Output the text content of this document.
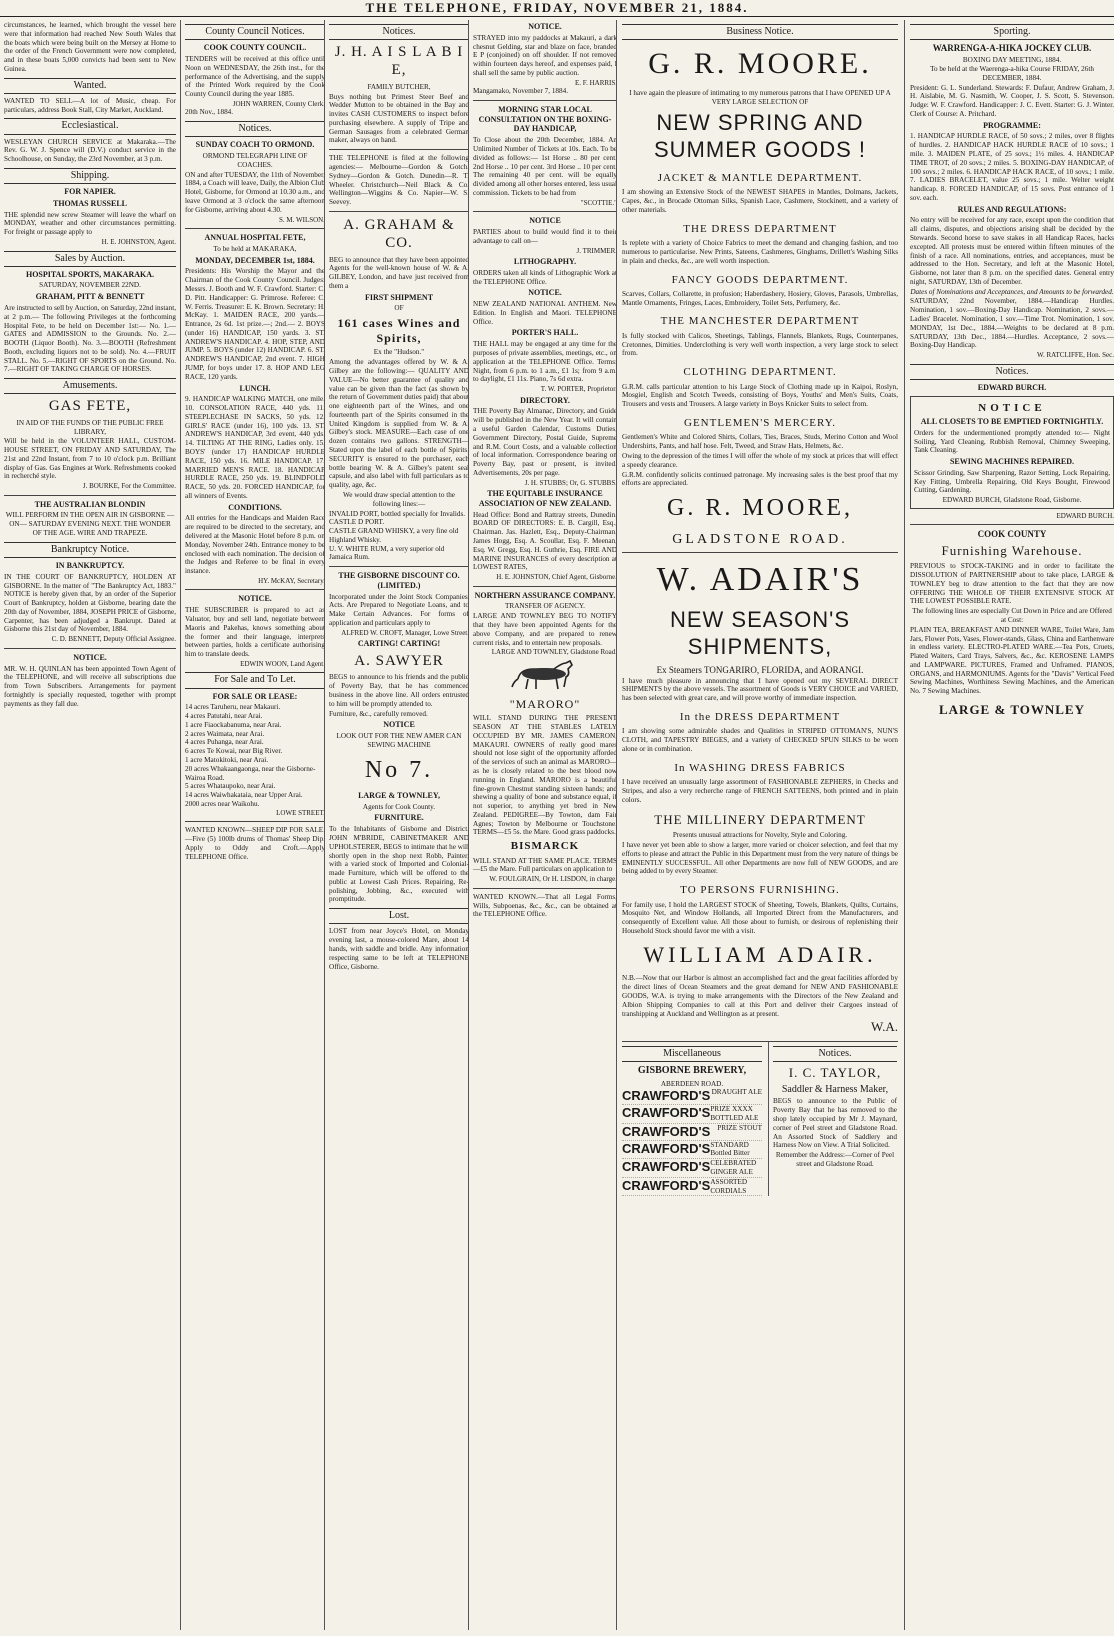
THE TELEPHONE, FRIDAY, NOVEMBER 21, 1884.

circumstances, he learned, which brought the vessel here were that information had reached New South Wales that the boats which were being built on the Mersey at Home to the order of the French Government were now completed, and in these boats 5,000 convicts had been sent to New Guinea.

Wanted.

WANTED TO SELL—A lot of Music, cheap. For particulars, address Book Stall, City Market, Auckland.

Ecclesiastical.

WESLEYAN CHURCH SERVICE at Makaraka.—The Rev. G. W. J. Spence will (D.V.) conduct service in the Schoolhouse, on Sunday, the 23rd November, at 3 p.m.

Shipping.
FOR NAPIER.
THOMAS RUSSELL

THE splendid new screw Steamer will leave the wharf on MONDAY, weather and other circumstances permitting. For freight or passage apply to

H. E. JOHNSTON, Agent.
Sales by Auction.
HOSPITAL SPORTS, MAKARAKA.
SATURDAY, NOVEMBER 22ND.
GRAHAM, PITT & BENNETT

Are instructed to sell by Auction, on Saturday, 22nd instant, at 2 p.m.— The following Privileges at the forthcoming Hospital Fete, to be held on December 1st:— No. 1.—GATES and ADMISSION to the Grounds. No. 2.—BOOTH (Liquor Booth). No. 3.—BOOTH (Refreshment Booth, excluding liquors not to be sold). No. 4.—FRUIT STALL. No. 5.—RIGHT OF SPORTS on the Ground. No. 7.—RIGHT OF TAKING CHARGE OF HORSES.

Amusements.
GAS FETE,
IN AID OF THE FUNDS OF THE PUBLIC FREE LIBRARY,

Will be held in the VOLUNTEER HALL, CUSTOM-HOUSE STREET, ON FRIDAY AND SATURDAY, The 21st and 22nd Instant, from 7 to 10 o'clock p.m. Brilliant display of Gas. Gas Engines at Work. Refreshments cooked in recherché style.

J. BOURKE, For the Committee.
THE AUSTRALIAN BLONDIN

WILL PERFORM IN THE OPEN AIR IN GISBORNE —ON— SATURDAY EVENING NEXT. THE WONDER OF THE AGE. WIRE AND TRAPEZE.

Bankruptcy Notice.
IN BANKRUPTCY.

IN THE COURT OF BANKRUPTCY, HOLDEN AT GISBORNE. In the matter of "The Bankruptcy Act, 1883." NOTICE is hereby given that, by an order of the Superior Court of Bankruptcy, holden at Gisborne, bearing date the 20th day of November, 1884, JOSEPH PRICE of Gisborne, Carpenter, has been adjudged a Bankrupt. Dated at Gisborne this 21st day of November, 1884.

C. D. BENNETT, Deputy Official Assignee.
NOTICE.

MR. W. H. QUINLAN has been appointed Town Agent of the TELEPHONE, and will receive all subscriptions due from Town Subscribers. Arrangements for payment fortnightly is specially requested, together with prompt payments as they fall due.

County Council Notices.
COOK COUNTY COUNCIL.

TENDERS will be received at this office until Noon on WEDNESDAY, the 26th inst., for the performance of the Advertising, and the supply of the Printed Work required by the Cook County Council during the year 1885.

JOHN WARREN, County Clerk.
20th Nov., 1884.
Notices.
SUNDAY COACH TO ORMOND.
ORMOND TELEGRAPH LINE OF COACHES.

ON and after TUESDAY, the 11th of November, 1884, a Coach will leave, Daily, the Albion Club Hotel, Gisborne, for Ormond at 10.30 a.m., and leave Ormond at 3 o'clock the same afternoon for Gisborne, arriving about 4.30.

S. M. WILSON.
ANNUAL HOSPITAL FETE,
To be held at MAKARAKA,
MONDAY, DECEMBER 1st, 1884.

Presidents: His Worship the Mayor and the Chairman of the Cook County Council. Judges: Messrs. J. Booth and W. F. Crawford. Starter: C. D. Pitt. Handicapper: G. Primrose. Referee: C. W. Ferris. Treasurer: E. K. Brown. Secretary: H. McKay. 1. MAIDEN RACE, 200 yards.—Entrance, 2s 6d. 1st prize.—; 2nd.— 2. BOYS (under 16) HANDICAP, 150 yards. 3. ST. ANDREW'S HANDICAP. 4. HOP, STEP, AND JUMP. 5. BOYS (under 12) HANDICAP. 6. ST. ANDREW'S HANDICAP, 2nd event. 7. HIGH JUMP, for boys under 17. 8. HOP AND LEG RACE, 120 yards.

LUNCH.

9. HANDICAP WALKING MATCH, one mile. 10. CONSOLATION RACE, 440 yds. 11. STEEPLECHASE IN SACKS, 50 yds. 12. GIRLS' RACE (under 16), 100 yds. 13. ST. ANDREW'S HANDICAP, 3rd event, 440 yds. 14. TILTING AT THE RING, Ladies only. 15. BOYS' (under 17) HANDICAP HURDLE RACE, 150 yds. 16. MILE HANDICAP. 17. MARRIED MEN'S RACE. 18. HANDICAP HURDLE RACE, 250 yds. 19. BLINDFOLD RACE, 50 yds. 20. FORCED HANDICAP, for all winners of Events.

CONDITIONS.

All entries for the Handicaps and Maiden Race are required to be directed to the secretary, and delivered at the Masonic Hotel before 8 p.m. on Monday, November 24th. Entrance money to be enclosed with each nomination. The decision of the Judges and Referee to be final in every instance.

HY. McKAY, Secretary.
NOTICE.

THE SUBSCRIBER is prepared to act as Valuator, buy and sell land, negotiate between Maoris and Pakehas, knows something about the former and their language, interprets between parties, holds a certificate authorising him to translate deeds.

EDWIN WOON, Land Agent.
For Sale and To Let.
FOR SALE OR LEASE:
14 acres Taruheru, near Makauri.
4 acres Patutahi, near Arai.
1 acre Fiaockabanuma, near Arai.
2 acres Waimata, near Arai.
4 acres Puhanga, near Arai.
6 acres Te Kowai, near Big River.
1 acre Matokitoki, near Arai.
20 acres Whakaangaonga, near the Gisborne-Wairoa Road.
5 acres Whataupoko, near Arai.
14 acres Waiwhakataia, near Upper Arai.
2000 acres near Waikohu.
LOWE STREET.

WANTED KNOWN—SHEEP DIP FOR SALE.—Five (5) 100lb drums of Thomas' Sheep Dip. Apply to Oddy and Croft.—Apply TELEPHONE Office.

Notices.
J. H. A I S L A B I E,
FAMILY BUTCHER,

Buys nothing but Primest Steer Beef and Wedder Mutton to be obtained in the Bay and invites CASH CUSTOMERS to inspect before purchasing elsewhere. A supply of Tripe and German Sausages from a celebrated German maker, always on hand.

THE TELEPHONE is filed at the following agencies:— Melbourne—Gordon & Gotch. Sydney—Gordon & Gotch. Dunedin—R. T. Wheeler. Christchurch—Neil Black & Co. Wellington—Wiggins & Co. Napier—W. S. Seevey.

A. GRAHAM & CO.

BEG to announce that they have been appointed Agents for the well-known house of W. & A. GILBEY, London, and have just received from them a

FIRST SHIPMENT
OF
161 cases Wines and Spirits,
Ex the "Hudson."

Among the advantages offered by W. & A. Gilbey are the following:— QUALITY AND VALUE—No better guarantee of quality and value can be given than the fact (as shown by the return of Government duties paid) that about one eighteenth part of the Wines, and one fourteenth part of the Spirits consumed in the United Kingdom is supplied from W. & A. Gilbey's stock. MEASURE—Each case of one dozen contains two gallons. STRENGTH—Stated upon the label of each bottle of Spirits. SECURITY is ensured to the purchaser, each bottle bearing W. & A. Gilbey's patent seal capsule, and also label with full particulars as to quality, age, &c.

We would draw special attention to the following lines:—

INVALID PORT, bottled specially for Invalids.
CASTLE D PORT.
CASTLE GRAND WHISKY, a very fine old Highland Whisky.
U. V. WHITE RUM, a very superior old Jamaica Rum.
THE GISBORNE DISCOUNT CO. (LIMITED.)

Incorporated under the Joint Stock Companies' Acts. Are Prepared to Negotiate Loans, and to Make Certain Advances. For forms of application and particulars apply to

ALFRED W. CROFT, Manager, Lowe Street.
CARTING! CARTING!
A. SAWYER

BEGS to announce to his friends and the public of Poverty Bay, that he has commenced business in the above line. All orders entrusted to him will be promptly attended to.

Furniture, &c., carefully removed.

NOTICE

LOOK OUT FOR THE NEW AMER CAN SEWING MACHINE

No 7.
LARGE & TOWNLEY,
Agents for Cook County.
FURNITURE.

To the Inhabitants of Gisborne and District. JOHN M'BRIDE, CABINETMAKER AND UPHOLSTERER, BEGS to intimate that he will shortly open in the shop next Robb, Painter, with a varied stock of Imported and Colonial-made Furniture, which will be offered to the public at Lowest Cash Prices. Repairing, Re-polishing, Jobbing, &c., executed with promptitude.

Lost.

LOST from near Joyce's Hotel, on Monday evening last, a mouse-colored Mare, about 14 hands, with saddle and bridle. Any information respecting same to be left at TELEPHONE Office, Gisborne.

NOTICE.

STRAYED into my paddocks at Makauri, a dark chesnut Gelding, star and blaze on face, branded E P (conjoined) on off shoulder. If not removed within fourteen days hereof, and expenses paid, I shall sell the same by public auction.

E. F. HARRIS.
Mangamako, November 7, 1884.
MORNING STAR LOCAL CONSULTATION ON THE BOXING-DAY HANDICAP,

To Close about the 20th December, 1884. An Unlimited Number of Tickets at 10s. Each. To be divided as follows:— 1st Horse .. 80 per cent. 2nd Horse .. 10 per cent. 3rd Horse .. 10 per cent. The remaining 40 per cent. will be equally divided among all other horses entered, less usual commission. Tickets to be had from

"SCOTTIE."
NOTICE

PARTIES about to build would find it to their advantage to call on—

J. TRIMMER.
LITHOGRAPHY.

ORDERS taken all kinds of Lithographic Work at the TELEPHONE Office.

NOTICE.

NEW ZEALAND NATIONAL ANTHEM. New Edition. In English and Maori. TELEPHONE Office.

PORTER'S HALL.

THE HALL may be engaged at any time for the purposes of private assemblies, meetings, etc., on application at the TELEPHONE Office. Terms: Night, from 6 p.m. to 1 a.m., £1 1s; from 9 a.m. to daylight, £1 11s. Piano, 7s 6d extra.

T. W. PORTER, Proprietor.
DIRECTORY.

THE Poverty Bay Almanac, Directory, and Guide will be published in the New Year. It will contain a useful Garden Calendar, Customs Duties, Government Directory, Postal Guide, Supreme and R.M. Court Costs, and a valuable collection of local information. Correspondence bearing on Poverty Bay, past or present, is invited. Advertisements, 20s per page.

J. H. STUBBS; Or, G. STUBBS.
THE EQUITABLE INSURANCE ASSOCIATION OF NEW ZEALAND.

Head Office: Bond and Rattray streets, Dunedin. BOARD OF DIRECTORS: E. B. Cargill, Esq., Chairman. Jas. Hazlett, Esq., Deputy-Chairman. James Hogg, Esq. A. Scoullar, Esq. F. Meenan, Esq. W. Gregg, Esq. H. Guthrie, Esq. FIRE AND MARINE INSURANCES of every description at LOWEST RATES,

H. E. JOHNSTON, Chief Agent, Gisborne.
NORTHERN ASSURANCE COMPANY.
TRANSFER OF AGENCY.

LARGE AND TOWNLEY BEG TO NOTIFY that they have been appointed Agents for the above Company, and are prepared to renew current risks, and to entertain new proposals.

LARGE AND TOWNLEY, Gladstone Road.
"MARORO"

WILL STAND DURING THE PRESENT SEASON AT THE STABLES LATELY OCCUPIED BY MR. JAMES CAMERON, MAKAURI. OWNERS of really good mares should not lose sight of the opportunity afforded of the services of such an animal as MARORO—as he is closely related to the best blood now running in England. MARORO is a beautiful fine-grown Chestnut standing sixteen hands; and shewing a quality of bone and substance equal, if not superior, to anything yet bred in New Zealand. PEDIGREE—By Towton, dam Fair Agnes; Towton by Melbourne or Touchstone. TERMS—£5 5s. the Mare. Good grass paddocks.

BISMARCK

WILL STAND AT THE SAME PLACE. TERMS—£5 the Mare. Full particulars on application to

W. FOULGRAIN, Or H. LISDON, in charge.

WANTED KNOWN.—That all Legal Forms, Wills, Subpoenas, &c., &c., can be obtained at the TELEPHONE Office.

Business Notice.
G. R. MOORE.

I have again the pleasure of intimating to my numerous patrons that I have OPENED UP A VERY LARGE SELECTION OF

NEW SPRING AND SUMMER GOODS !
JACKET & MANTLE DEPARTMENT.

I am showing an Extensive Stock of the NEWEST SHAPES in Mantles, Dolmans, Jackets, Capes, &c., in Brocade Ottoman Silks, Spanish Lace, Cashmere, Stockinett, and a variety of other materials.

THE DRESS DEPARTMENT

Is replete with a variety of Choice Fabrics to meet the demand and changing fashion, and too numerous to particularise. New Prints, Sateens, Cashmeres, Ginghams, Drillett's Washing Silks in plain and checks, &c., are well worth inspection.

FANCY GOODS DEPARTMENT.

Scarves, Collars, Collarette, in profusion; Haberdashery, Hosiery, Gloves, Parasols, Umbrellas, Mantle Ornaments, Fringes, Laces, Embroidery, Toilet Sets, Perfumery, &c.

THE MANCHESTER DEPARTMENT

Is fully stocked with Calicos, Sheetings, Tablings, Flannels, Blankets, Rugs, Counterpanes, Cretonnes, Dimities. Underclothing is very well worth inspection, a very large stock to select from.

CLOTHING DEPARTMENT.

G.R.M. calls particular attention to his Large Stock of Clothing made up in Kaipoi, Roslyn, Mosgiel, English and Scotch Tweeds, consisting of Boys, Youths' and Men's Suits, Coats, Trousers and vests and Trousers. A large variety in Boys Knicker Suits to select from.

GENTLEMEN'S MERCERY.

Gentlemen's White and Colored Shirts, Collars, Ties, Braces, Studs, Merino Cotton and Wool Undershirts, Pants, and half hose. Felt, Tweed, and Straw Hats, Helmets, &c.

Owing to the depression of the times I will offer the whole of my stock at prices that will effect a speedy clearance.

G.R.M. confidently solicits continued patronage. My increasing sales is the best proof that my efforts are appreciated.

G. R. MOORE,
GLADSTONE ROAD.
W. ADAIR'S
NEW SEASON'S SHIPMENTS,
Ex Steamers TONGARIRO, FLORIDA, and AORANGI.

I have much pleasure in announcing that I have opened out my SEVERAL DIRECT SHIPMENTS by the above vessels. The assortment of Goods is VERY CHOICE and VARIED, has been selected with great care, and will prove worthy of immediate inspection.

In the DRESS DEPARTMENT

I am showing some admirable shades and Qualities in STRIPED OTTOMAN'S, NUN'S CLOTH, and TAPESTRY BIEGES, and a variety of CHECKED SPUN SILKS to be worn alone or in combination.

In WASHING DRESS FABRICS

I have received an unusually large assortment of FASHIONABLE ZEPHERS, in Checks and Stripes, and also a very recherche range of FRENCH SATTEENS, both printed and in plain colors.

THE MILLINERY DEPARTMENT

Presents unusual attractions for Novelty, Style and Coloring.

I have never yet been able to show a larger, more varied or choicer selection, and feel that my efforts to please and attract the Public in this Department must from the very nature of things be EMINENTLY SUCCESSFUL. All other Departments are now full of NEW GOODS, and are being added to by every Steamer.

TO PERSONS FURNISHING.

For family use, I hold the LARGEST STOCK of Sheeting, Towels, Blankets, Quilts, Curtains, Mosquito Net, and Window Hollands, all Imported Direct from the Manufacturers, and consequently of Excellent value. All those about to furnish, or desirous of replenishing their Household Stock should favor me with a visit.

WILLIAM ADAIR.

N.B.—Now that our Harbor is almost an accomplished fact and the great facilities afforded by the direct lines of Ocean Steamers and the great demand for NEW AND FASHIONABLE GOODS, W.A. is trying to make arrangements with the Directors of the New Zealand and Albion Shipping Companies to call at this Port and deliver their Cargoes instead of transhipping at Auckland and Wellington as at present.

W.A.
Miscellaneous
GISBORNE BREWERY,
ABERDEEN ROAD.
CRAWFORD'S DRAUGHT ALE
CRAWFORD'S PRIZE XXXX BOTTLED ALE
CRAWFORD'S PRIZE STOUT
CRAWFORD'S STANDARD Bottled Bitter
CRAWFORD'S CELEBRATED GINGER ALE
CRAWFORD'S ASSORTED CORDIALS
Notices.
I. C. TAYLOR,
Saddler & Harness Maker,

BEGS to announce to the Public of Poverty Bay that he has removed to the shop lately occupied by Mr J. Maynard, corner of Peel street and Gladstone Road. An Assorted Stock of Saddlery and Harness Now on View. A Trial Solicited.

Remember the Address:—Corner of Peel street and Gladstone Road.

Sporting.
WARRENGA-A-HIKA JOCKEY CLUB.
BOXING DAY MEETING, 1884.
To be held at the Waerenga-a-hika Course FRIDAY, 26th DECEMBER, 1884.

President: G. L. Sunderland. Stewards: F. Dufaur, Andrew Graham, J. H. Aislabie, M. G. Nasmith, W. Cooper, J. S. Scott, S. Stevenson. Judge: W. F. Crawford. Handicapper: J. C. Evett. Starter: G. J. Winter. Clerk of Course: A. Pritchard.

PROGRAMME:

1. HANDICAP HURDLE RACE, of 50 sovs.; 2 miles, over 8 flights of hurdles. 2. HANDICAP HACK HURDLE RACE of 10 sovs.; 1 mile. 3. MAIDEN PLATE, of 25 sovs.; 1½ miles. 4. HANDICAP TIME TROT, of 20 sovs.; 2 miles. 5. BOXING-DAY HANDICAP, of 100 sovs.; 2 miles. 6. HANDICAP HACK RACE, of 10 sovs.; 1 mile. 7. LADIES BRACELET, value 25 sovs.; 1 mile. Welter weight handicap. 8. FORCED HANDICAP, of 15 sovs. Post entrance of 1 sov. each.

RULES AND REGULATIONS:

No entry will be received for any race, except upon the condition that all claims, disputes, and objections arising shall be decided by the Stewards. Second horse to save stakes in all Handicap Races, hacks excepted. All protests must be entered within fifteen minutes of the finish of a race. All nominations, entries, and acceptances, must be addressed to the Hon. Secretary, and left at the Masonic Hotel, Gisborne, not later than 8 p.m. on the specified dates. General entry night, SATURDAY, 13th of December.

Dates of Nominations and Acceptances, and Amounts to be forwarded.

SATURDAY, 22nd November, 1884.—Handicap Hurdles. Nomination, 1 sov.—Boxing-Day Handicap. Nomination, 2 sovs.—Ladies' Bracelet. Nomination, 1 sov.—Time Trot. Nomination, 1 sov. MONDAY, 1st Dec., 1884.—Weights to be declared at 8 p.m. SATURDAY, 13th Dec., 1884.—Hurdles. Acceptance, 2 sovs.—Boxing-Day Handicap.

W. RATCLIFFE, Hon. Sec.
Notices.
EDWARD BURCH.
NOTICE
ALL CLOSETS TO BE EMPTIED FORTNIGHTLY.

Orders for the undermentioned promptly attended to:— Night Soiling, Yard Cleaning, Rubbish Removal, Chimney Sweeping, Tank Cleaning.

SEWING MACHINES REPAIRED.

Scissor Grinding, Saw Sharpening, Razor Setting, Lock Repairing, Key Fitting, Umbrella Repairing, Old Keys Bought, Firewood Cutting, Gardening.

EDWARD BURCH, Gladstone Road, Gisborne.
EDWARD BURCH.
COOK COUNTY
Furnishing Warehouse.

PREVIOUS to STOCK-TAKING and in order to facilitate the DISSOLUTION of PARTNERSHIP about to take place, LARGE & TOWNLEY beg to draw attention to the fact that they are now OFFERING THE WHOLE OF THEIR EXTENSIVE STOCK AT THE LOWEST POSSIBLE RATE.

The following lines are especially Cut Down in Price and are Offered at Cost:

PLAIN TEA, BREAKFAST AND DINNER WARE, Toilet Ware, Jam Jars, Flower Pots, Vases, Flower-stands, Glass, China and Earthenware in endless variety. ELECTRO-PLATED WARE.—Tea Pots, Cruets, Plated Waiters, Card Trays, Salvers, &c., &c. KEROSENE LAMPS and LAMPWARE. PICTURES, Framed and Unframed. PIANOS, ORGANS, and HARMONIUMS. Agents for the "Davis" Vertical Feed Sewing Machines, Worthiness Sewing Machines, and the American No. 7 Sewing Machines.

LARGE & TOWNLEY
